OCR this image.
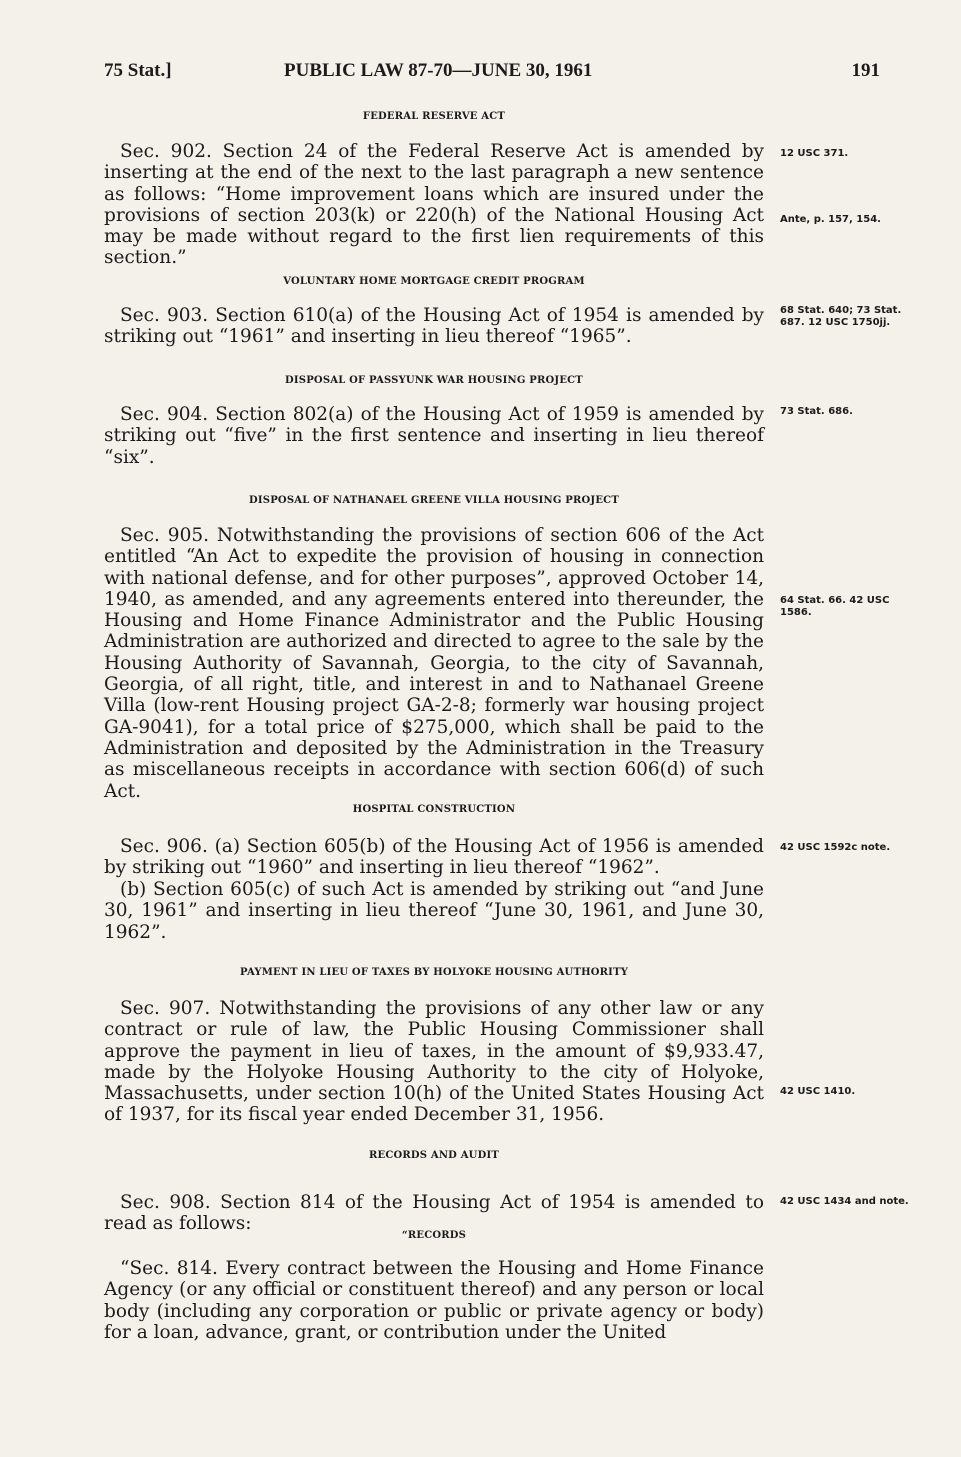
75 Stat.]	PUBLIC LAW 87-70—JUNE 30, 1961	191
FEDERAL RESERVE ACT

Sec. 902. Section 24 of the Federal Reserve Act is amended by inserting at the end of the next to the last paragraph a new sentence as follows: “Home improvement loans which are insured under the provisions of section 203(k) or 220(h) of the National Housing Act may be made without regard to the first lien requirements of this section.”

12 USC 371.
Ante, p. 157, 154.
VOLUNTARY HOME MORTGAGE CREDIT PROGRAM

Sec. 903. Section 610(a) of the Housing Act of 1954 is amended by striking out “1961” and inserting in lieu thereof “1965”.

68 Stat. 640; 73 Stat. 687. 12 USC 1750jj.
DISPOSAL OF PASSYUNK WAR HOUSING PROJECT

Sec. 904. Section 802(a) of the Housing Act of 1959 is amended by striking out “five” in the first sentence and inserting in lieu thereof “six”.

73 Stat. 686.
DISPOSAL OF NATHANAEL GREENE VILLA HOUSING PROJECT

Sec. 905. Notwithstanding the provisions of section 606 of the Act entitled “An Act to expedite the provision of housing in connection with national defense, and for other purposes”, approved October 14, 1940, as amended, and any agreements entered into thereunder, the Housing and Home Finance Administrator and the Public Housing Administration are authorized and directed to agree to the sale by the Housing Authority of Savannah, Georgia, to the city of Savannah, Georgia, of all right, title, and interest in and to Nathanael Greene Villa (low-rent Housing project GA-2-8; formerly war housing project GA-9041), for a total price of $275,000, which shall be paid to the Administration and deposited by the Administration in the Treasury as miscellaneous receipts in accordance with section 606(d) of such Act.

64 Stat. 66. 42 USC 1586.
HOSPITAL CONSTRUCTION

Sec. 906. (a) Section 605(b) of the Housing Act of 1956 is amended by striking out “1960” and inserting in lieu thereof “1962”.

(b) Section 605(c) of such Act is amended by striking out “and June 30, 1961” and inserting in lieu thereof “June 30, 1961, and June 30, 1962”.

42 USC 1592c note.
PAYMENT IN LIEU OF TAXES BY HOLYOKE HOUSING AUTHORITY

Sec. 907. Notwithstanding the provisions of any other law or any contract or rule of law, the Public Housing Commissioner shall approve the payment in lieu of taxes, in the amount of $9,933.47, made by the Holyoke Housing Authority to the city of Holyoke, Massachusetts, under section 10(h) of the United States Housing Act of 1937, for its fiscal year ended December 31, 1956.

42 USC 1410.
RECORDS AND AUDIT

Sec. 908. Section 814 of the Housing Act of 1954 is amended to read as follows:

42 USC 1434 and note.
“RECORDS

“Sec. 814. Every contract between the Housing and Home Finance Agency (or any official or constituent thereof) and any person or local body (including any corporation or public or private agency or body) for a loan, advance, grant, or contribution under the United
